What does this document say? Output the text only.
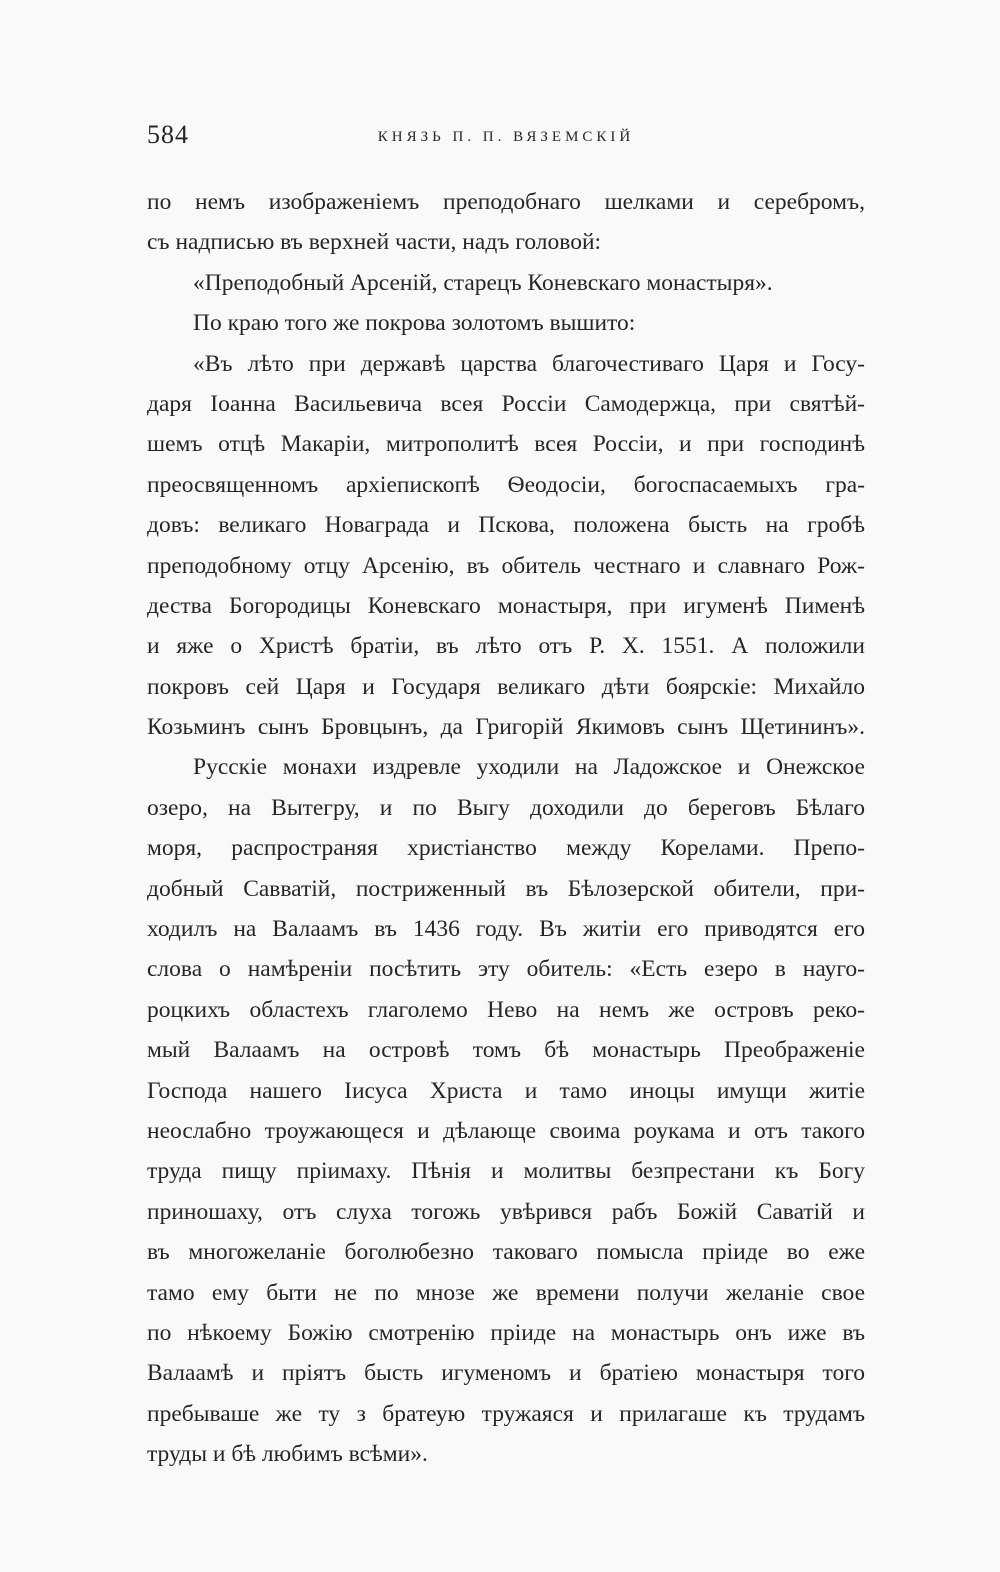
584	КНЯЗЬ П. П. ВЯЗЕМСКІЙ
по немъ изображеніемъ преподобнаго шелками и серебромъ,
съ надписью въ верхней части, надъ головой:
«Преподобный Арсеній, старецъ Коневскаго монастыря».
По краю того же покрова золотомъ вышито:
«Въ лѣто при державѣ царства благочестиваго Царя и Госу-
даря Іоанна Васильевича всея Россіи Самодержца, при святѣй-
шемъ отцѣ Макаріи, митрополитѣ всея Россіи, и при господинѣ
преосвященномъ архіепископѣ Ѳеодосіи, богоспасаемыхъ гра-
довъ: великаго Новаграда и Пскова, положена бысть на гробѣ
преподобному отцу Арсенію, въ обитель честнаго и славнаго Рож-
дества Богородицы Коневскаго монастыря, при игуменѣ Пименѣ
и яже о Христѣ братіи, въ лѣто отъ Р. Х. 1551. А положили
покровъ сей Царя и Государя великаго дѣти боярскіе: Михайло
Козьминъ сынъ Бровцынъ, да Григорій Якимовъ сынъ Щетининъ».
Русскіе монахи издревле уходили на Ладожское и Онежское
озеро, на Вытегру, и по Выгу доходили до береговъ Бѣлаго
моря, распространяя христіанство между Корелами. Препо-
добный Савватій, постриженный въ Бѣлозерской обители, при-
ходилъ на Валаамъ въ 1436 году. Въ житіи его приводятся его
слова о намѣреніи посѣтить эту обитель: «Есть езеро в науго-
роцкихъ областехъ глаголемо Нево на немъ же островъ реко-
мый Валаамъ на островѣ томъ бѣ монастырь Преображеніе
Господа нашего Іисуса Христа и тамо иноцы имущи житіе
неослабно троужающеся и дѣлающе своима роукама и отъ такого
труда пищу пріимаху. Пѣнія и молитвы безпрестани къ Богу
приношаху, отъ слуха тогожь увѣрився рабъ Божій Саватій и
въ многожеланіе боголюбезно таковаго помысла пріиде во еже
тамо ему быти не по мнозе же времени получи желаніе свое
по нѣкоему Божію смотренію пріиде на монастырь онъ иже въ
Валаамѣ и пріятъ бысть игуменомъ и братіею монастыря того
пребываше же ту з братеую тружаяся и прилагаше къ трудамъ
труды и бѣ любимъ всѣми».
